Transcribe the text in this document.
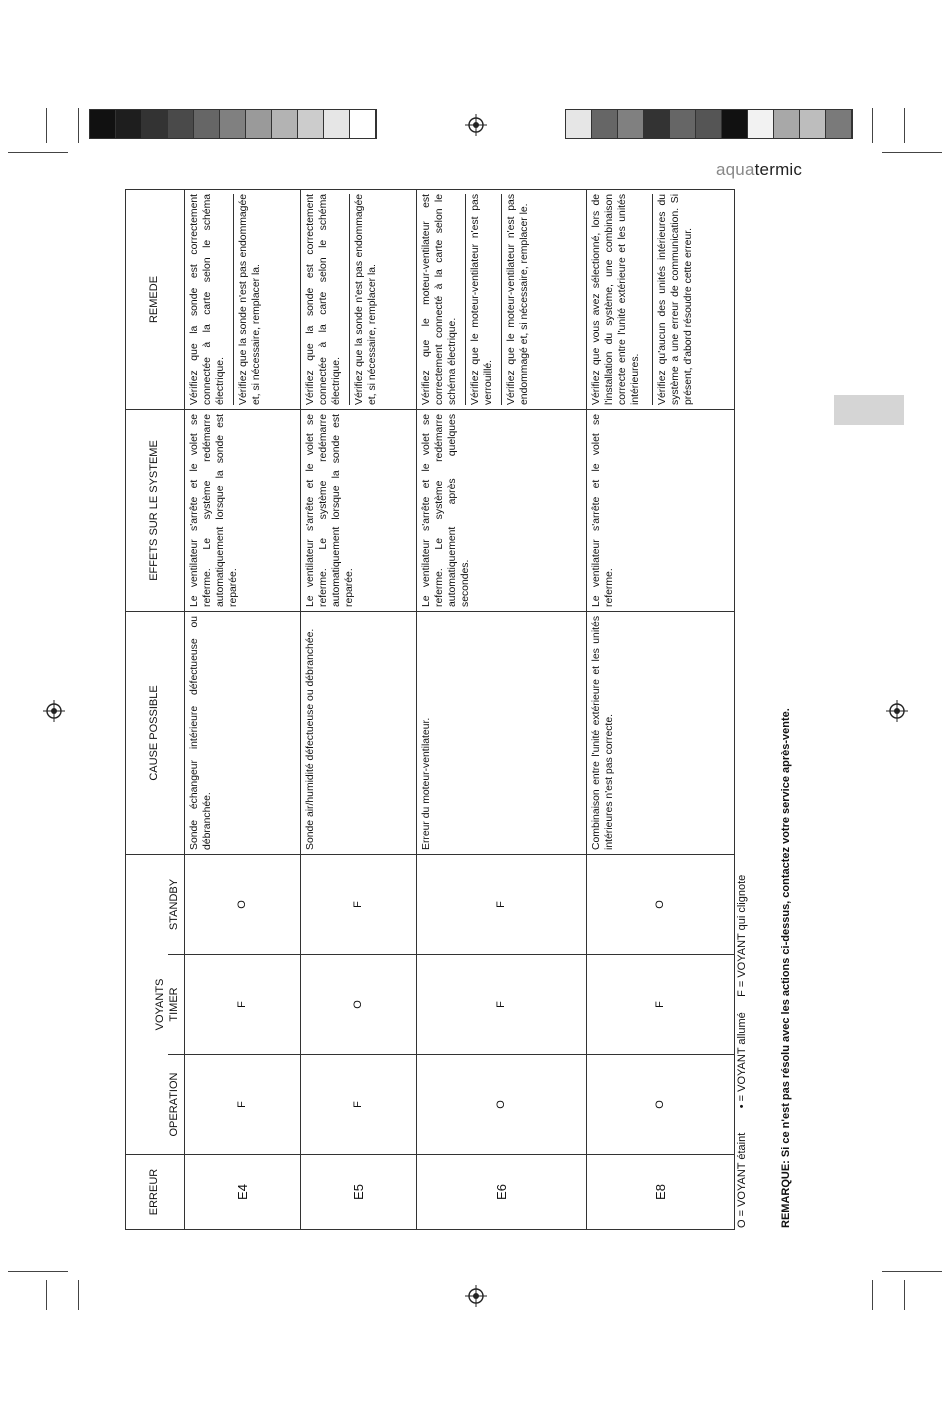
aquatermic
ERREUR	VOYANTS			CAUSE POSSIBLE	EFFETS SUR LE SYSTEME	REMEDE
	OPERATION	TIMER	STANDBY			
E4	F	F	O	Sonde échangeur intérieure défectueuse ou débranchée.	Le ventilateur s'arrête et le volet se referme. Le système redémarre automatiquement lorsque la sonde est reparée.	Vérifiez que la sonde est correctement connectée à la carte selon le schéma électrique. Vérifiez que la sonde n'est pas endommagée et, si nécessaire, remplacer la.

E5	F	O	F	Sonde air/humidité défectueuse ou débranchée.	Le ventilateur s'arrête et le volet se referme. Le système redémarre automatiquement lorsque la sonde est reparée.	Vérifiez que la sonde est correctement connectée à la carte selon le schéma électrique. Vérifiez que la sonde n'est pas endommagée et, si nécessaire, remplacer la.

E6	O	F	F	Erreur du moteur-ventilateur.	Le ventilateur s'arrête et le volet se referme. Le système redémarre automatiquement après quelques secondes.	Vérifiez que le moteur-ventilateur est correctement connecté à la carte selon le schéma électrique. Vérifiez que le moteur-ventilateur n'est pas verrouillé. Vérifiez que le moteur-ventilateur n'est pas endommagé et, si nécessaire, remplacer le.

E8	O	F	O	Combinaison entre l'unité extérieure et les unités intérieures n'est pas correcte.	Le ventilateur s'arrête et le volet se referme.	Vérifiez que vous avez sélectionné, lors de l'installation du système, une combinaison correcte entre l'unité extérieure et les unités intérieures. Vérifiez qu'aucun des unités intérieures du système a une erreur de communication. Si présent, d'abord résoudre cette erreur.
O = VOYANT étaint        • = VOYANT allumé     F = VOYANT qui clignote	REMARQUE: Si ce n'est pas résolu avec les actions ci-dessus, contactez votre service après-vente.
